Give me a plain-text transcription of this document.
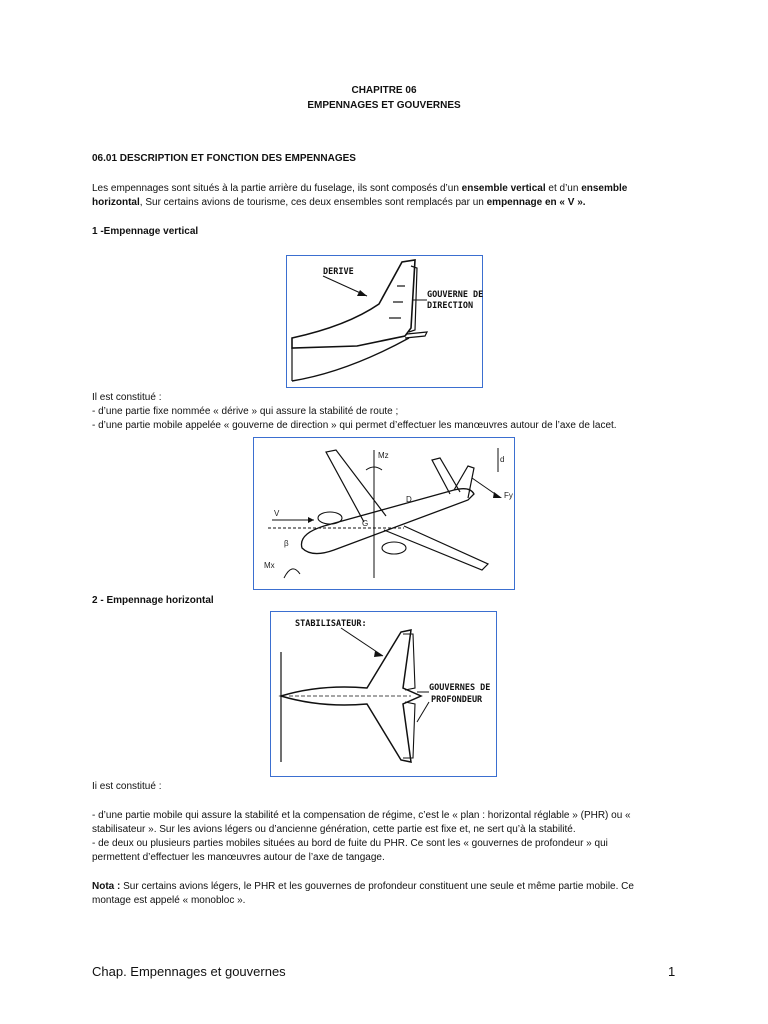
CHAPITRE 06
EMPENNAGES ET GOUVERNES
06.01 DESCRIPTION ET FONCTION DES EMPENNAGES
Les empennages sont situés à la partie arrière du fuselage, ils sont composés d’un ensemble vertical et d’un ensemble
horizontal, Sur certains avions de tourisme, ces deux ensembles sont remplacés par un empennage en « V ».
1 -Empennage vertical
DERIVE
GOUVERNE DE
DIRECTION
Il est constitué :
- d’une partie fixe nommée « dérive » qui assure la stabilité de route ;
- d’une partie mobile appelée « gouverne de direction » qui permet d’effectuer les manœuvres autour de l’axe de lacet.
Mz	d
D	Fy
V
G
β
Mx
2 - Empennage horizontal
STABILISATEUR:
GOUVERNES DE
PROFONDEUR
Ii est constitué :
- d’une partie mobile qui assure la stabilité et la compensation de régime, c’est le « plan : horizontal réglable » (PHR) ou «
stabilisateur ». Sur les avions légers ou d’ancienne génération, cette partie est fixe et, ne sert qu’à la stabilité.
- de deux ou plusieurs parties mobiles situées au bord de fuite du PHR. Ce sont les « gouvernes de profondeur » qui
permettent d’effectuer les manœuvres autour de l’axe de tangage.
Nota : Sur certains avions légers, le PHR et les gouvernes de profondeur constituent une seule et même partie mobile. Ce
montage est appelé « monobloc ».
Chap. Empennages et gouvernes	1
